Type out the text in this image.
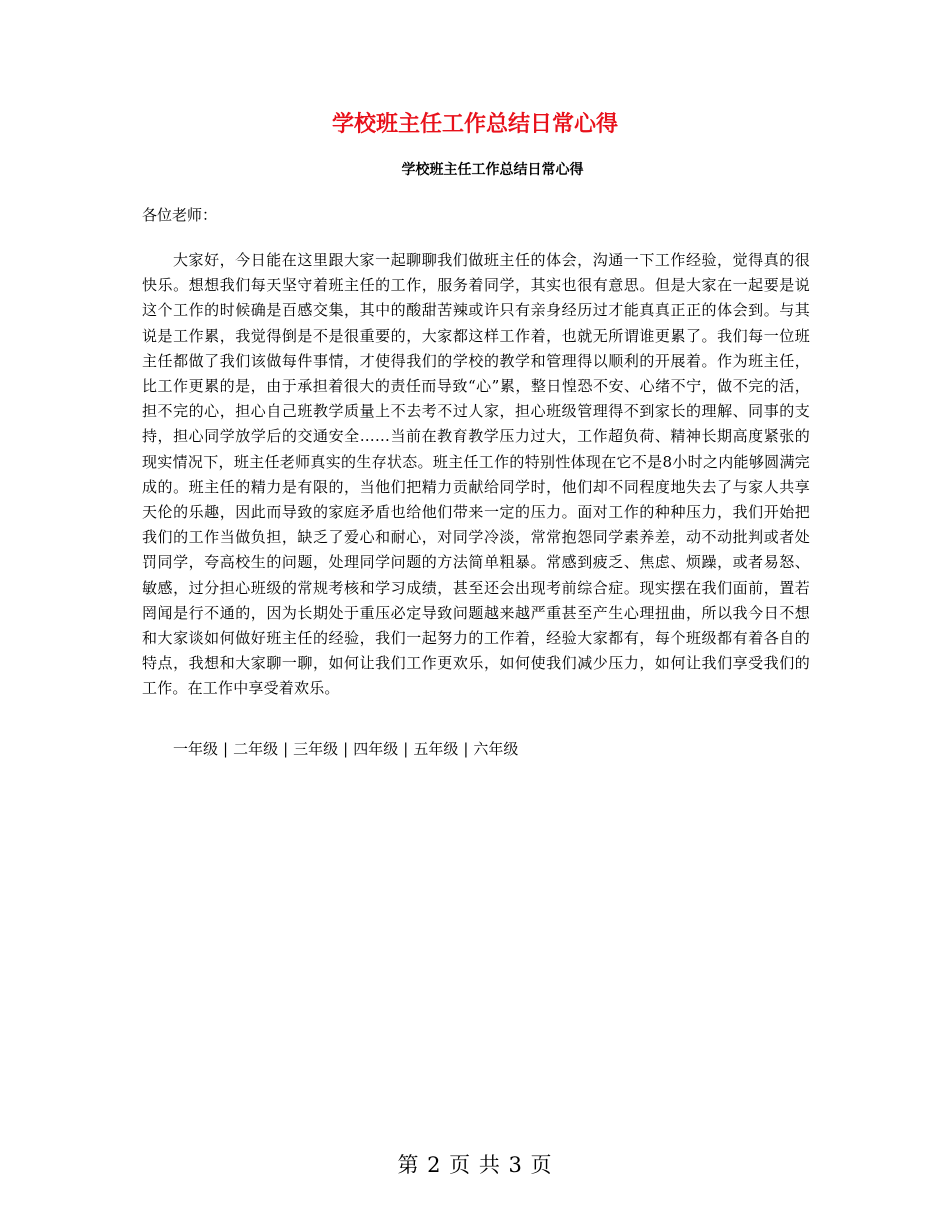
学校班主任工作总结日常心得
学校班主任工作总结日常心得

各位老师：

大家好，今日能在这里跟大家一起聊聊我们做班主任的体会，沟通一下工作经验，觉得真的很快乐。想想我们每天坚守着班主任的工作，服务着同学，其实也很有意思。但是大家在一起要是说这个工作的时候确是百感交集，其中的酸甜苦辣或许只有亲身经历过才能真真正正的体会到。与其说是工作累，我觉得倒是不是很重要的，大家都这样工作着，也就无所谓谁更累了。我们每一位班主任都做了我们该做每件事情，才使得我们的学校的教学和管理得以顺利的开展着。作为班主任，比工作更累的是，由于承担着很大的责任而导致“心”累，整日惶恐不安、心绪不宁，做不完的活，担不完的心，担心自己班教学质量上不去考不过人家，担心班级管理得不到家长的理解、同事的支持，担心同学放学后的交通安全……当前在教育教学压力过大，工作超负荷、精神长期高度紧张的现实情况下，班主任老师真实的生存状态。班主任工作的特别性体现在它不是8小时之内能够圆满完成的。班主任的精力是有限的，当他们把精力贡献给同学时，他们却不同程度地失去了与家人共享天伦的乐趣，因此而导致的家庭矛盾也给他们带来一定的压力。面对工作的种种压力，我们开始把我们的工作当做负担，缺乏了爱心和耐心，对同学冷淡，常常抱怨同学素养差，动不动批判或者处罚同学，夸高校生的问题，处理同学问题的方法简单粗暴。常感到疲乏、焦虑、烦躁，或者易怒、敏感，过分担心班级的常规考核和学习成绩，甚至还会出现考前综合症。现实摆在我们面前，置若罔闻是行不通的，因为长期处于重压必定导致问题越来越严重甚至产生心理扭曲，所以我今日不想和大家谈如何做好班主任的经验，我们一起努力的工作着，经验大家都有，每个班级都有着各自的特点，我想和大家聊一聊，如何让我们工作更欢乐，如何使我们减少压力，如何让我们享受我们的工作。在工作中享受着欢乐。

一年级 | 二年级 | 三年级 | 四年级 | 五年级 | 六年级

第 2 页 共 3 页
